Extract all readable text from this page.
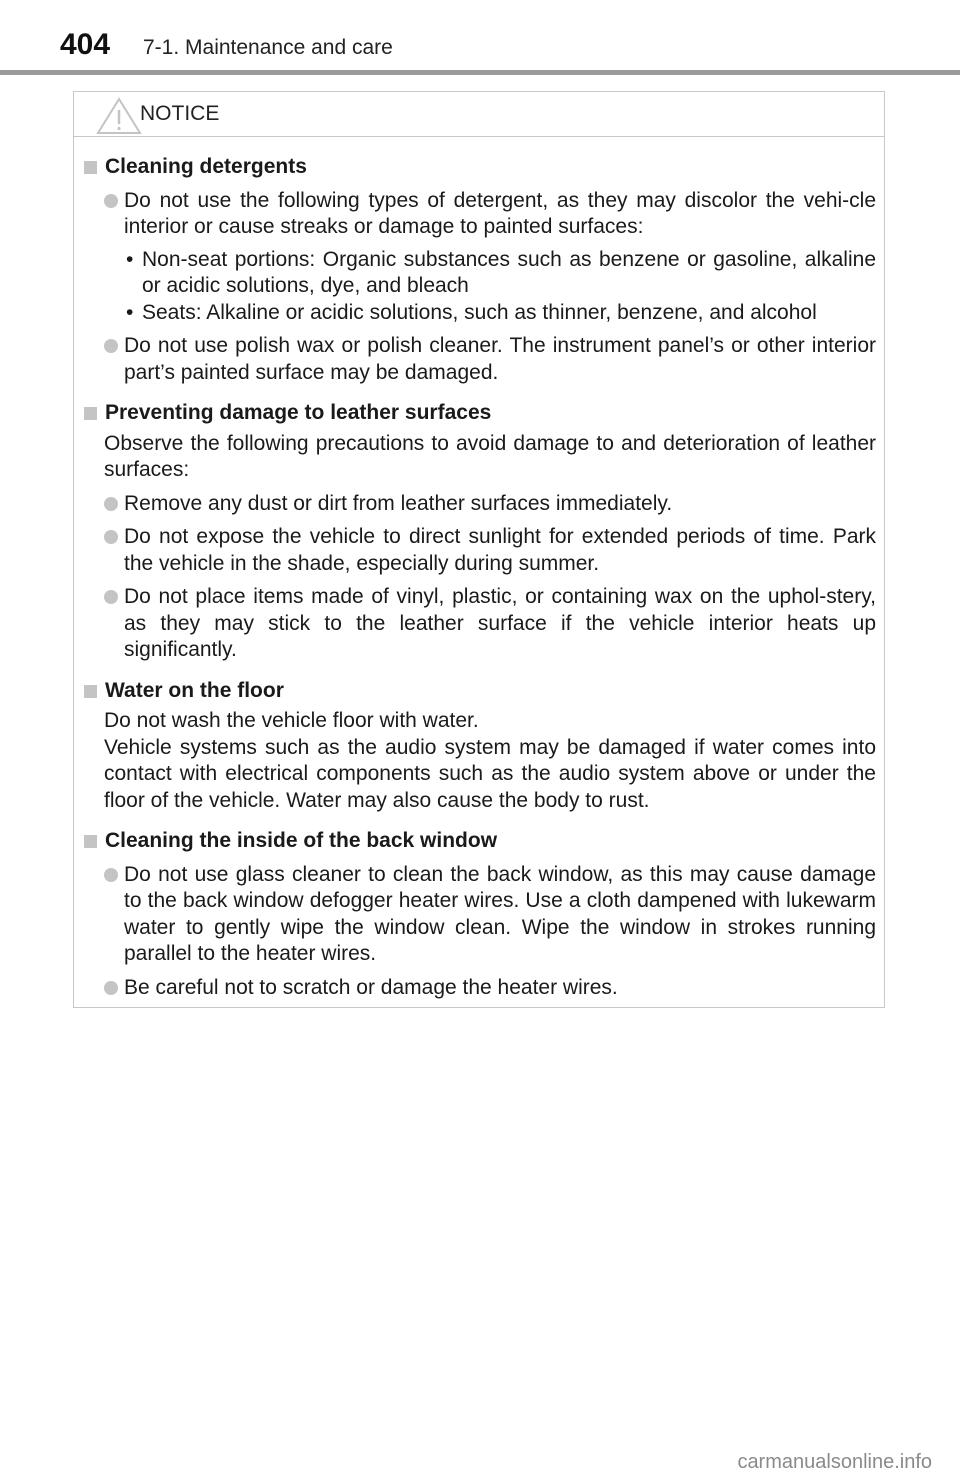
404 7-1. Maintenance and care
NOTICE
Cleaning detergents
Do not use the following types of detergent, as they may discolor the vehi-cle interior or cause streaks or damage to painted surfaces:
• Non-seat portions: Organic substances such as benzene or gasoline, alkaline or acidic solutions, dye, and bleach
• Seats: Alkaline or acidic solutions, such as thinner, benzene, and alcohol
Do not use polish wax or polish cleaner. The instrument panel’s or other interior part’s painted surface may be damaged.
Preventing damage to leather surfaces
Observe the following precautions to avoid damage to and deterioration of leather surfaces:
Remove any dust or dirt from leather surfaces immediately.
Do not expose the vehicle to direct sunlight for extended periods of time. Park the vehicle in the shade, especially during summer.
Do not place items made of vinyl, plastic, or containing wax on the uphol-stery, as they may stick to the leather surface if the vehicle interior heats up significantly.
Water on the floor
Do not wash the vehicle floor with water.
Vehicle systems such as the audio system may be damaged if water comes into contact with electrical components such as the audio system above or under the floor of the vehicle. Water may also cause the body to rust.
Cleaning the inside of the back window
Do not use glass cleaner to clean the back window, as this may cause damage to the back window defogger heater wires. Use a cloth dampened with lukewarm water to gently wipe the window clean. Wipe the window in strokes running parallel to the heater wires.
Be careful not to scratch or damage the heater wires.
carmanualsonline.info
